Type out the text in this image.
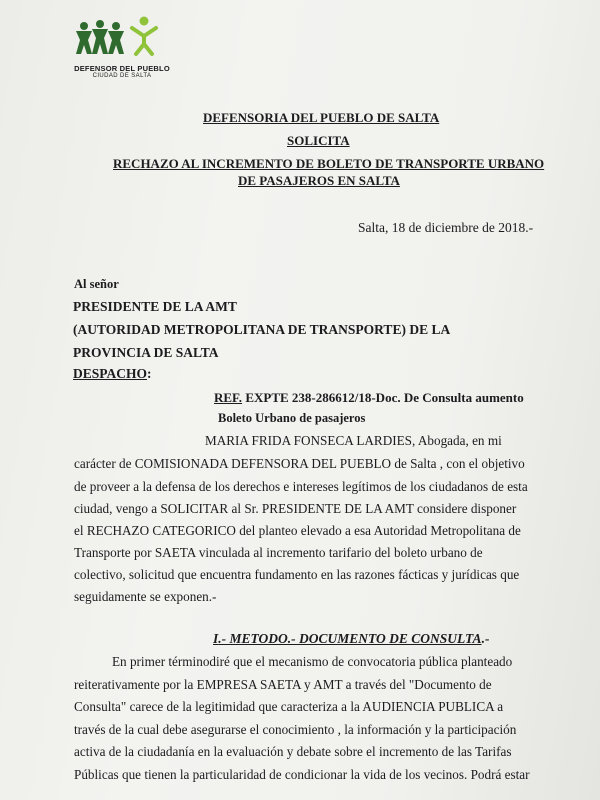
DEFENSOR DEL PUEBLO
CIUDAD DE SALTA
DEFENSORIA DEL PUEBLO DE SALTA
SOLICITA
RECHAZO AL INCREMENTO DE BOLETO DE TRANSPORTE URBANO
DE PASAJEROS EN SALTA
Salta, 18 de diciembre de 2018.-
Al señor
PRESIDENTE DE LA AMT
(AUTORIDAD METROPOLITANA DE TRANSPORTE) DE LA
PROVINCIA DE SALTA
DESPACHO:
REF. EXPTE 238-286612/18-Doc. De Consulta aumento
Boleto Urbano de pasajeros
MARIA FRIDA FONSECA LARDIES, Abogada, en mi
carácter de COMISIONADA DEFENSORA DEL PUEBLO de Salta , con el objetivo
de proveer a la defensa de los derechos e intereses legítimos de los ciudadanos de esta
ciudad, vengo a SOLICITAR al Sr. PRESIDENTE DE LA AMT considere disponer
el RECHAZO CATEGORICO del planteo elevado a esa Autoridad Metropolitana de
Transporte por SAETA vinculada al incremento tarifario del boleto urbano de
colectivo, solicitud que encuentra fundamento en las razones fácticas y jurídicas que
seguidamente se exponen.-
I.- METODO.- DOCUMENTO DE CONSULTA.-
En primer términodiré que el mecanismo de convocatoria pública planteado
reiterativamente por la EMPRESA SAETA y AMT a través del "Documento de
Consulta" carece de la legitimidad que caracteriza a la AUDIENCIA PUBLICA a
través de la cual debe asegurarse el conocimiento , la información y la participación
activa de la ciudadanía en la evaluación y debate sobre el incremento de las Tarifas
Públicas que tienen la particularidad de condicionar la vida de los vecinos. Podrá estar
